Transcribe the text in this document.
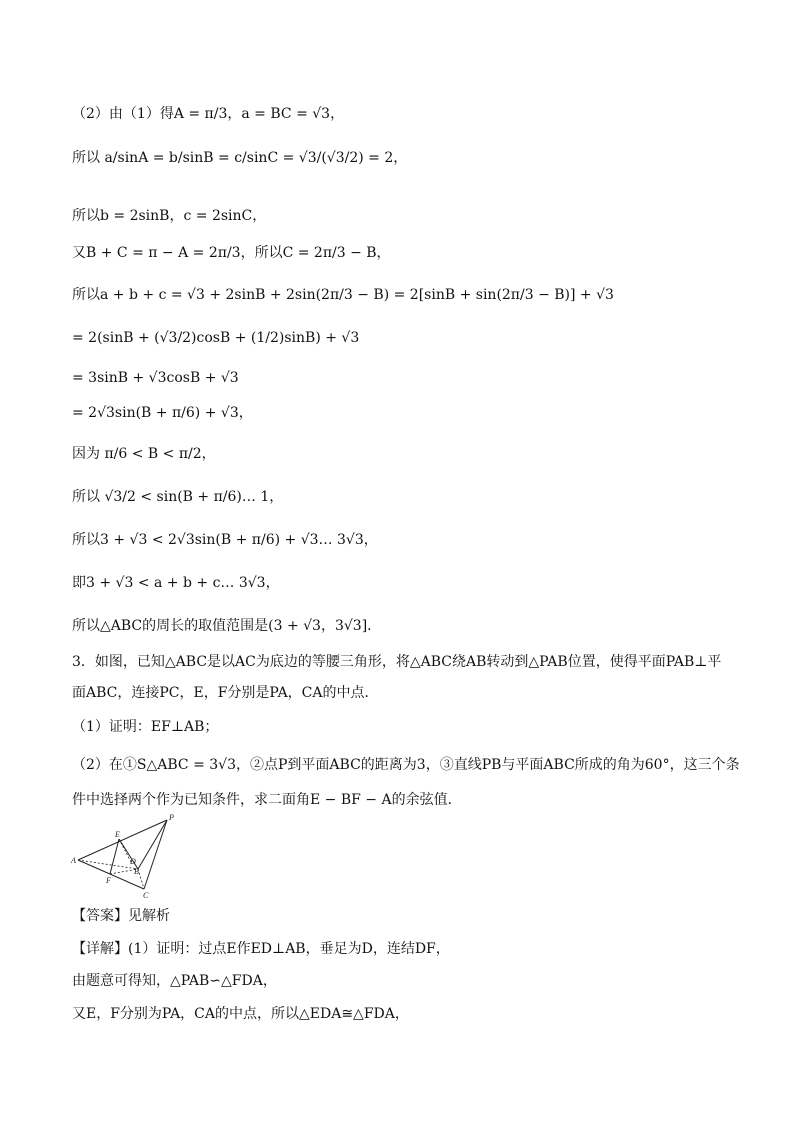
（2）由（1）得A = π/3，a = BC = √3，
所以 a/sinA = b/sinB = c/sinC = √3/(√3/2) = 2，
所以b = 2sinB，c = 2sinC，
又B + C = π − A = 2π/3，所以C = 2π/3 − B，
所以a + b + c = √3 + 2sinB + 2sin(2π/3 − B) = 2[sinB + sin(2π/3 − B)] + √3
= 2(sinB + (√3/2)cosB + (1/2)sinB) + √3
= 3sinB + √3cosB + √3
= 2√3sin(B + π/6) + √3，
因为 π/6 < B < π/2，
所以 √3/2 < sin(B + π/6)… 1，
所以3 + √3 < 2√3sin(B + π/6) + √3… 3√3，
即3 + √3 < a + b + c… 3√3，
所以△ABC的周长的取值范围是(3 + √3，3√3]．
3．如图，已知△ABC是以AC为底边的等腰三角形，将△ABC绕AB转动到△PAB位置，使得平面PAB⊥平
面ABC，连接PC，E，F分别是PA，CA的中点．
（1）证明：EF⊥AB；
（2）在①S△ABC = 3√3，②点P到平面ABC的距离为3，③直线PB与平面ABC所成的角为60°，这三个条
件中选择两个作为已知条件，求二面角E − BF − A的余弦值．
A
P
E
F
B
D
C
【答案】见解析
【详解】(1）证明：过点E作ED⊥AB，垂足为D，连结DF，
由题意可得知，△PAB∽△FDA，
又E，F分别为PA，CA的中点，所以△EDA≅△FDA，
